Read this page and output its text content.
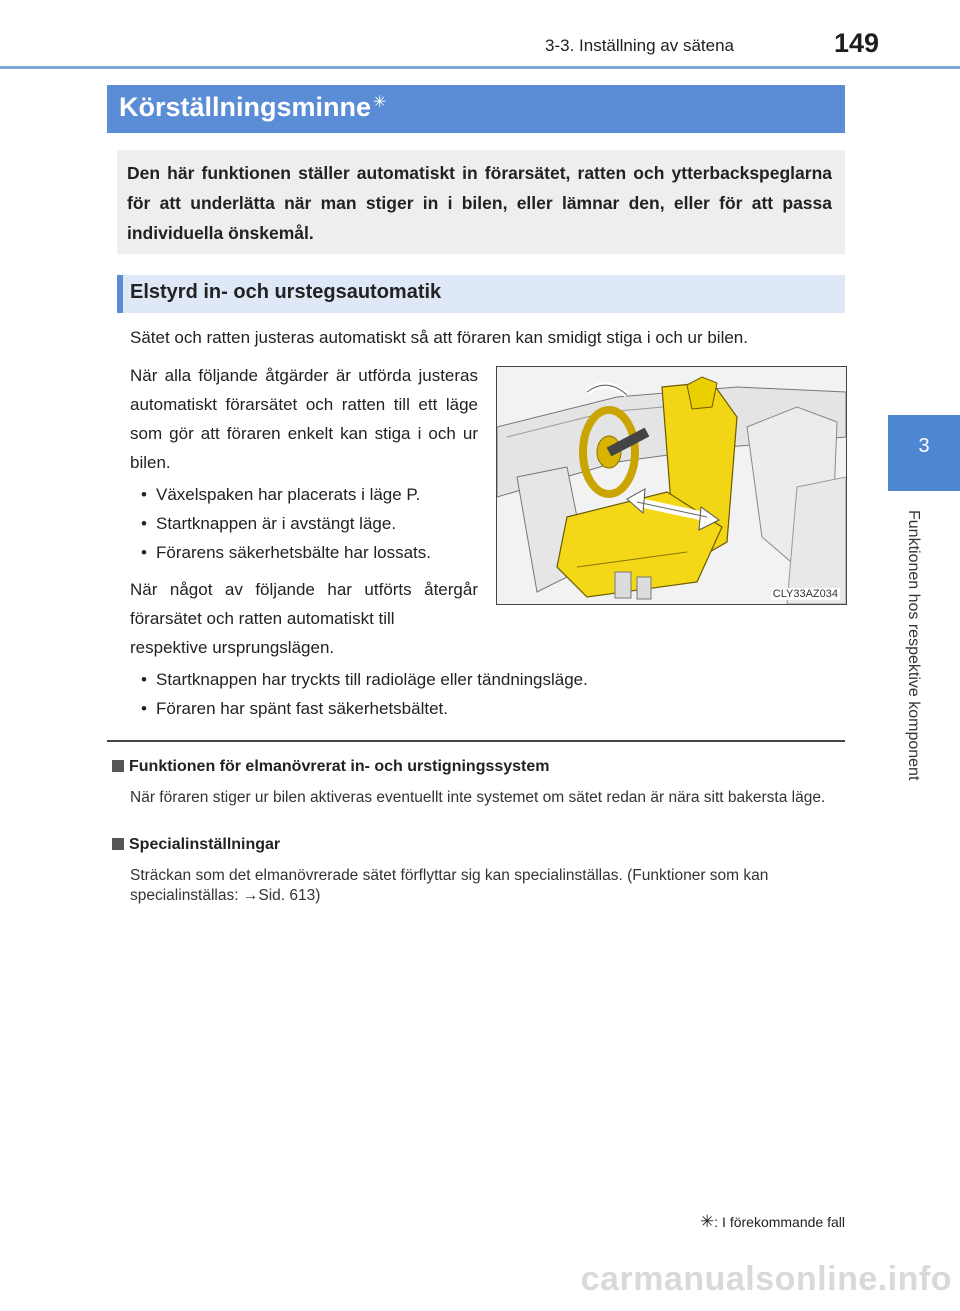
3-3. Inställning av sätena	149
3
Funktionen hos respektive komponent
Körställningsminne ✳
Den här funktionen ställer automatiskt in förarsätet, ratten och ytterbackspeglarna för att underlätta när man stiger in i bilen, eller lämnar den, eller för att passa individuella önskemål.
Elstyrd in- och urstegsautomatik
Sätet och ratten justeras automatiskt så att föraren kan smidigt stiga i och ur bilen.
När alla följande åtgärder är utförda justeras automatiskt förarsätet och ratten till ett läge som gör att föraren enkelt kan stiga i och ur bilen.
• Växelspaken har placerats i läge P.
• Startknappen är i avstängt läge.
• Förarens säkerhetsbälte har lossats.
När något av följande har utförts återgår förarsätet och ratten automatiskt till
respektive ursprungslägen.
• Startknappen har tryckts till radioläge eller tändningsläge.
• Föraren har spänt fast säkerhetsbältet.
CLY33AZ034
Funktionen för elmanövrerat in- och urstigningssystem
När föraren stiger ur bilen aktiveras eventuellt inte systemet om sätet redan är nära sitt bakersta läge.
Specialinställningar
Sträckan som det elmanövrerade sätet förflyttar sig kan specialinställas. (Funktioner som kan specialinställas: →Sid. 613)
✳: I förekommande fall
carmanualsonline.info
